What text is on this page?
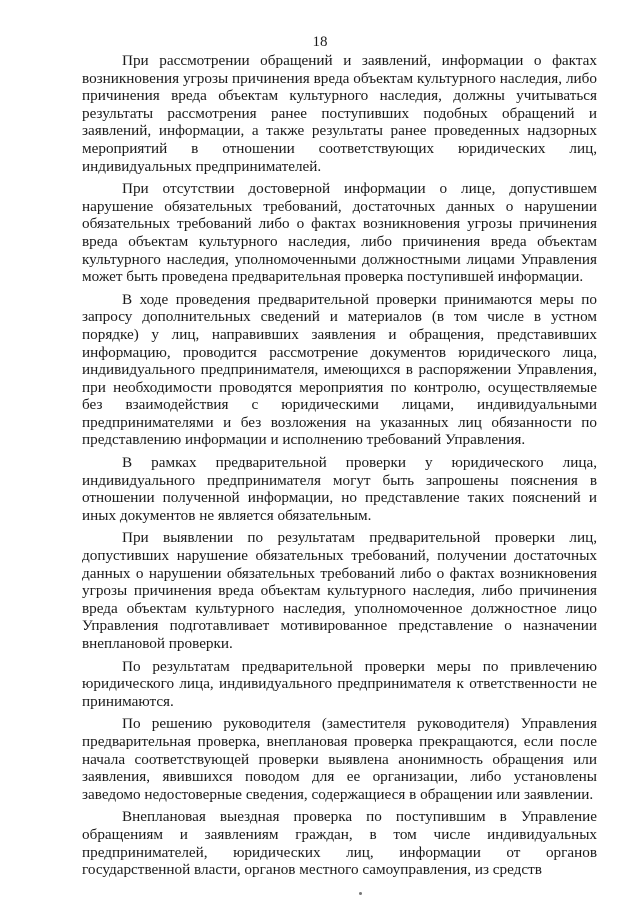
18

При рассмотрении обращений и заявлений, информации о фактах возникновения угрозы причинения вреда объектам культурного наследия, либо причинения вреда объектам культурного наследия, должны учитываться результаты рассмотрения ранее поступивших подобных обращений и заявлений, информации, а также результаты ранее проведенных надзорных мероприятий в отношении соответствующих юридических лиц, индивидуальных предпринимателей.

При отсутствии достоверной информации о лице, допустившем нарушение обязательных требований, достаточных данных о нарушении обязательных требований либо о фактах возникновения угрозы причинения вреда объектам культурного наследия, либо причинения вреда объектам культурного наследия, уполномоченными должностными лицами Управления может быть проведена предварительная проверка поступившей информации.

В ходе проведения предварительной проверки принимаются меры по запросу дополнительных сведений и материалов (в том числе в устном порядке) у лиц, направивших заявления и обращения, представивших информацию, проводится рассмотрение документов юридического лица, индивидуального предпринимателя, имеющихся в распоряжении Управления, при необходимости проводятся мероприятия по контролю, осуществляемые без взаимодействия с юридическими лицами, индивидуальными предпринимателями и без возложения на указанных лиц обязанности по представлению информации и исполнению требований Управления.

В рамках предварительной проверки у юридического лица, индивидуального предпринимателя могут быть запрошены пояснения в отношении полученной информации, но представление таких пояснений и иных документов не является обязательным.

При выявлении по результатам предварительной проверки лиц, допустивших нарушение обязательных требований, получении достаточных данных о нарушении обязательных требований либо о фактах возникновения угрозы причинения вреда объектам культурного наследия, либо причинения вреда объектам культурного наследия, уполномоченное должностное лицо Управления подготавливает мотивированное представление о назначении внеплановой проверки.

По результатам предварительной проверки меры по привлечению юридического лица, индивидуального предпринимателя к ответственности не принимаются.

По решению руководителя (заместителя руководителя) Управления предварительная проверка, внеплановая проверка прекращаются, если после начала соответствующей проверки выявлена анонимность обращения или заявления, явившихся поводом для ее организации, либо установлены заведомо недостоверные сведения, содержащиеся в обращении или заявлении.

Внеплановая выездная проверка по поступившим в Управление обращениям и заявлениям граждан, в том числе индивидуальных предпринимателей, юридических лиц, информации от органов государственной власти, органов местного самоуправления, из средств
